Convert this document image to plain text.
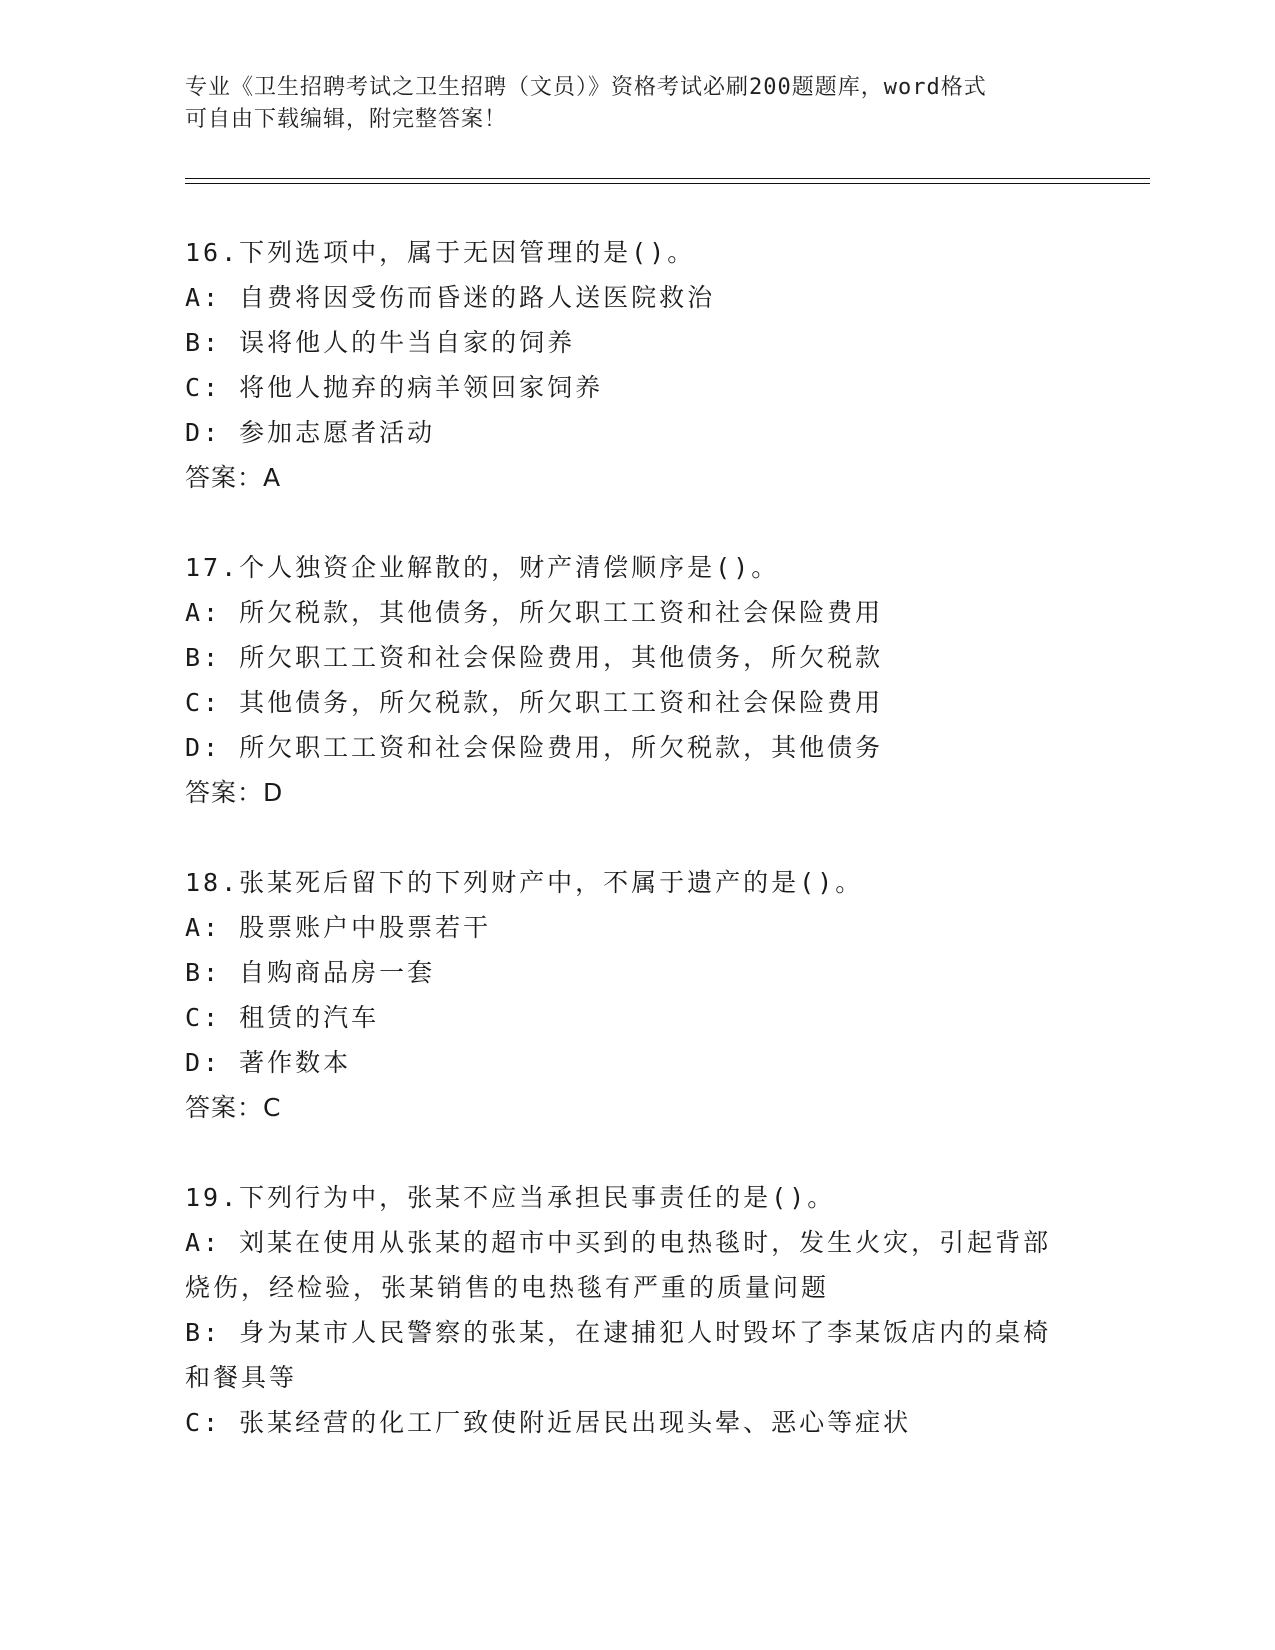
专业《卫生招聘考试之卫生招聘（文员）》资格考试必刷200题题库，word格式
可自由下载编辑，附完整答案！
16.下列选项中，属于无因管理的是()。
A: 自费将因受伤而昏迷的路人送医院救治
B: 误将他人的牛当自家的饲养
C: 将他人抛弃的病羊领回家饲养
D: 参加志愿者活动
答案：A
17.个人独资企业解散的，财产清偿顺序是()。
A: 所欠税款，其他债务，所欠职工工资和社会保险费用
B: 所欠职工工资和社会保险费用，其他债务，所欠税款
C: 其他债务，所欠税款，所欠职工工资和社会保险费用
D: 所欠职工工资和社会保险费用，所欠税款，其他债务
答案：D
18.张某死后留下的下列财产中，不属于遗产的是()。
A: 股票账户中股票若干
B: 自购商品房一套
C: 租赁的汽车
D: 著作数本
答案：C
19.下列行为中，张某不应当承担民事责任的是()。
A: 刘某在使用从张某的超市中买到的电热毯时，发生火灾，引起背部烧伤，经检验，张某销售的电热毯有严重的质量问题
B: 身为某市人民警察的张某，在逮捕犯人时毁坏了李某饭店内的桌椅和餐具等
C: 张某经营的化工厂致使附近居民出现头晕、恶心等症状
